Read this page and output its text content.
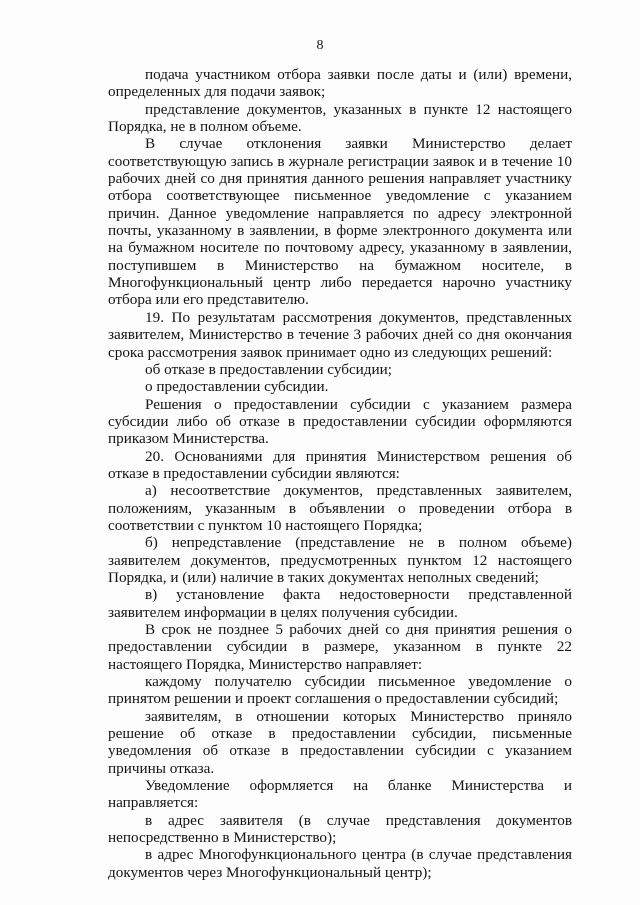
8

подача участником отбора заявки после даты и (или) времени, определенных для подачи заявок;

представление документов, указанных в пункте 12 настоящего Порядка, не в полном объеме.

В случае отклонения заявки Министерство делает соответствующую запись в журнале регистрации заявок и в течение 10 рабочих дней со дня принятия данного решения направляет участнику отбора соответствующее письменное уведомление с указанием причин. Данное уведомление направляется по адресу электронной почты, указанному в заявлении, в форме электронного документа или на бумажном носителе по почтовому адресу, указанному в заявлении, поступившем в Министерство на бумажном носителе, в Многофункциональный центр либо передается нарочно участнику отбора или его представителю.

19. По результатам рассмотрения документов, представленных заявителем, Министерство в течение 3 рабочих дней со дня окончания срока рассмотрения заявок принимает одно из следующих решений:

об отказе в предоставлении субсидии;

о предоставлении субсидии.

Решения о предоставлении субсидии с указанием размера субсидии либо об отказе в предоставлении субсидии оформляются приказом Министерства.

20. Основаниями для принятия Министерством решения об отказе в предоставлении субсидии являются:

а) несоответствие документов, представленных заявителем, положениям, указанным в объявлении о проведении отбора в соответствии с пунктом 10 настоящего Порядка;

б) непредставление (представление не в полном объеме) заявителем документов, предусмотренных пунктом 12 настоящего Порядка, и (или) наличие в таких документах неполных сведений;

в) установление факта недостоверности представленной заявителем информации в целях получения субсидии.

В срок не позднее 5 рабочих дней со дня принятия решения о предоставлении субсидии в размере, указанном в пункте 22 настоящего Порядка, Министерство направляет:

каждому получателю субсидии письменное уведомление о принятом решении и проект соглашения о предоставлении субсидий;

заявителям, в отношении которых Министерство приняло решение об отказе в предоставлении субсидии, письменные уведомления об отказе в предоставлении субсидии с указанием причины отказа.

Уведомление оформляется на бланке Министерства и направляется:

в адрес заявителя (в случае представления документов непосредственно в Министерство);

в адрес Многофункционального центра (в случае представления документов через Многофункциональный центр);
